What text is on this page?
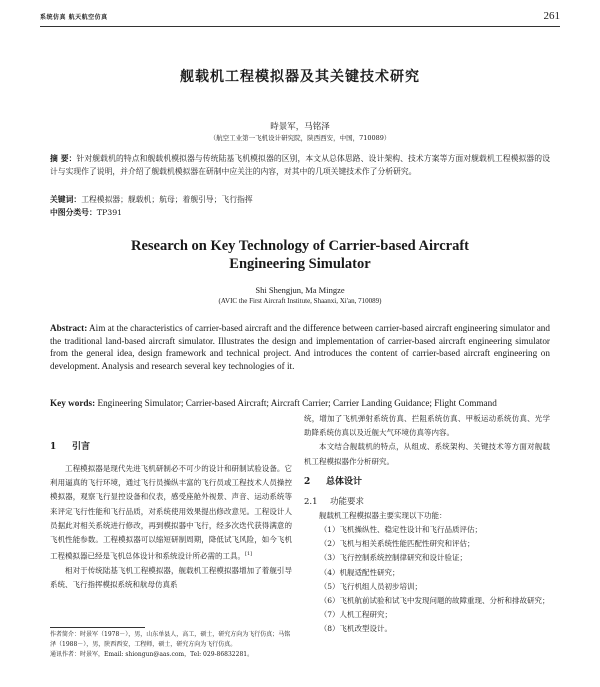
系统仿真 航天航空仿真	261
舰载机工程模拟器及其关键技术研究
時景军，马铭泽
（航空工业第一飞机设计研究院，陕西西安，中国，710089）
摘 要：针对舰载机的特点和舰载机模拟器与传统陆基飞机模拟器的区别，本文从总体思路、设计架构、技术方案等方面对舰载机工程模拟器的设计与实现作了说明，并介绍了舰载机模拟器在研制中应关注的内容，对其中的几项关键技术作了分析研究。
关键词：工程模拟器；舰载机；航母；着舰引导；飞行指挥
中图分类号：TP391
Research on Key Technology of Carrier-based Aircraft
Engineering Simulator
Shi Shengjun, Ma Mingze
(AVIC the First Aircraft Institute, Shaanxi, Xi'an, 710089)
Abstract: Aim at the characteristics of carrier-based aircraft and the difference between carrier-based aircraft engineering simulator and the traditional land-based aircraft simulator. Illustrates the design and implementation of carrier-based aircraft engineering simulator from the general idea, design framework and technical project. And introduces the content of carrier-based aircraft engineering on development. Analysis and research several key technologies of it.
Key words: Engineering Simulator; Carrier-based Aircraft; Aircraft Carrier; Carrier Landing Guidance; Flight Command

1 引言

工程模拟器是现代先进飞机研制必不可少的设计和研制试验设备。它利用逼真的飞行环境，通过飞行员操纵丰富的飞行员或工程技术人员操控模拟器，观察飞行显控设备和仪表，感受座舱外视景、声音、运动系统等来评定飞行性能和飞行品质，对系统使用效果提出修改意见。工程设计人员据此对相关系统进行修改，再到模拟器中飞行，经多次迭代获得满意的飞机性能参数。工程模拟器可以缩短研制周期，降低试飞风险，如今飞机工程模拟器已经是飞机总体设计和系统设计所必需的工具。[1]

相对于传统陆基飞机工程模拟器，舰载机工程模拟器增加了着舰引导系统、飞行指挥模拟系统和航母仿真系

统，增加了飞机弹射系统仿真、拦阻系统仿真、甲板运动系统仿真、光学助降系统仿真以及近舰大气环境仿真等内容。

本文结合舰载机的特点，从组成、系统架构、关键技术等方面对舰载机工程模拟器作分析研究。

2 总体设计

2.1 功能要求

舰载机工程模拟器主要实现以下功能：

（1）飞机操纵性、稳定性设计和飞行品质评估；

（2）飞机与相关系统性能匹配性研究和评估；

（3）飞行控制系统控制律研究和设计验证；

（4）机舰适配性研究；

（5）飞行机组人员初步培训；

（6）飞机航前试验和试飞中发现问题的故障重现、分析和排故研究；

（7）人机工程研究；

（8）飞机改型设计。

作者简介：时景军（1978－），男，山东单县人，高工，硕士，研究方向为飞行仿真；马铭泽（1988－），男，陕西西安，工程师，硕士，研究方向为飞行仿真。

通讯作者：时景军，Email: shiongun@aas.com，Tel: 029-86832281。
